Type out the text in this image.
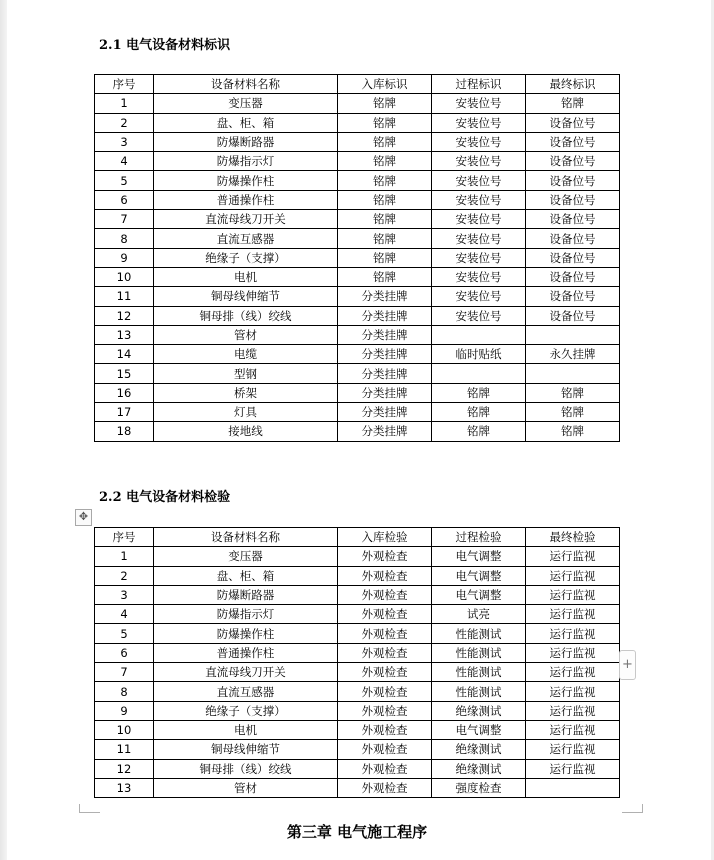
2.1 电气设备材料标识
序号	设备材料名称	入库标识	过程标识	最终标识
1	变压器	铭牌	安装位号	铭牌
2	盘、柜、箱	铭牌	安装位号	设备位号
3	防爆断路器	铭牌	安装位号	设备位号
4	防爆指示灯	铭牌	安装位号	设备位号
5	防爆操作柱	铭牌	安装位号	设备位号
6	普通操作柱	铭牌	安装位号	设备位号
7	直流母线刀开关	铭牌	安装位号	设备位号
8	直流互感器	铭牌	安装位号	设备位号
9	绝缘子（支撑）	铭牌	安装位号	设备位号
10	电机	铭牌	安装位号	设备位号
11	铜母线伸缩节	分类挂牌	安装位号	设备位号
12	铜母排（线）绞线	分类挂牌	安装位号	设备位号
13	管材	分类挂牌		
14	电缆	分类挂牌	临时贴纸	永久挂牌
15	型钢	分类挂牌		
16	桥架	分类挂牌	铭牌	铭牌
17	灯具	分类挂牌	铭牌	铭牌
18	接地线	分类挂牌	铭牌	铭牌
2.2 电气设备材料检验
✥
序号	设备材料名称	入库检验	过程检验	最终检验
1	变压器	外观检查	电气调整	运行监视
2	盘、柜、箱	外观检查	电气调整	运行监视
3	防爆断路器	外观检查	电气调整	运行监视
4	防爆指示灯	外观检查	试亮	运行监视
5	防爆操作柱	外观检查	性能测试	运行监视
6	普通操作柱	外观检查	性能测试	运行监视
7	直流母线刀开关	外观检查	性能测试	运行监视
8	直流互感器	外观检查	性能测试	运行监视
9	绝缘子（支撑）	外观检查	绝缘测试	运行监视
10	电机	外观检查	电气调整	运行监视
11	铜母线伸缩节	外观检查	绝缘测试	运行监视
12	铜母排（线）绞线	外观检查	绝缘测试	运行监视
13	管材	外观检查	强度检查	
+
第三章 电气施工程序
